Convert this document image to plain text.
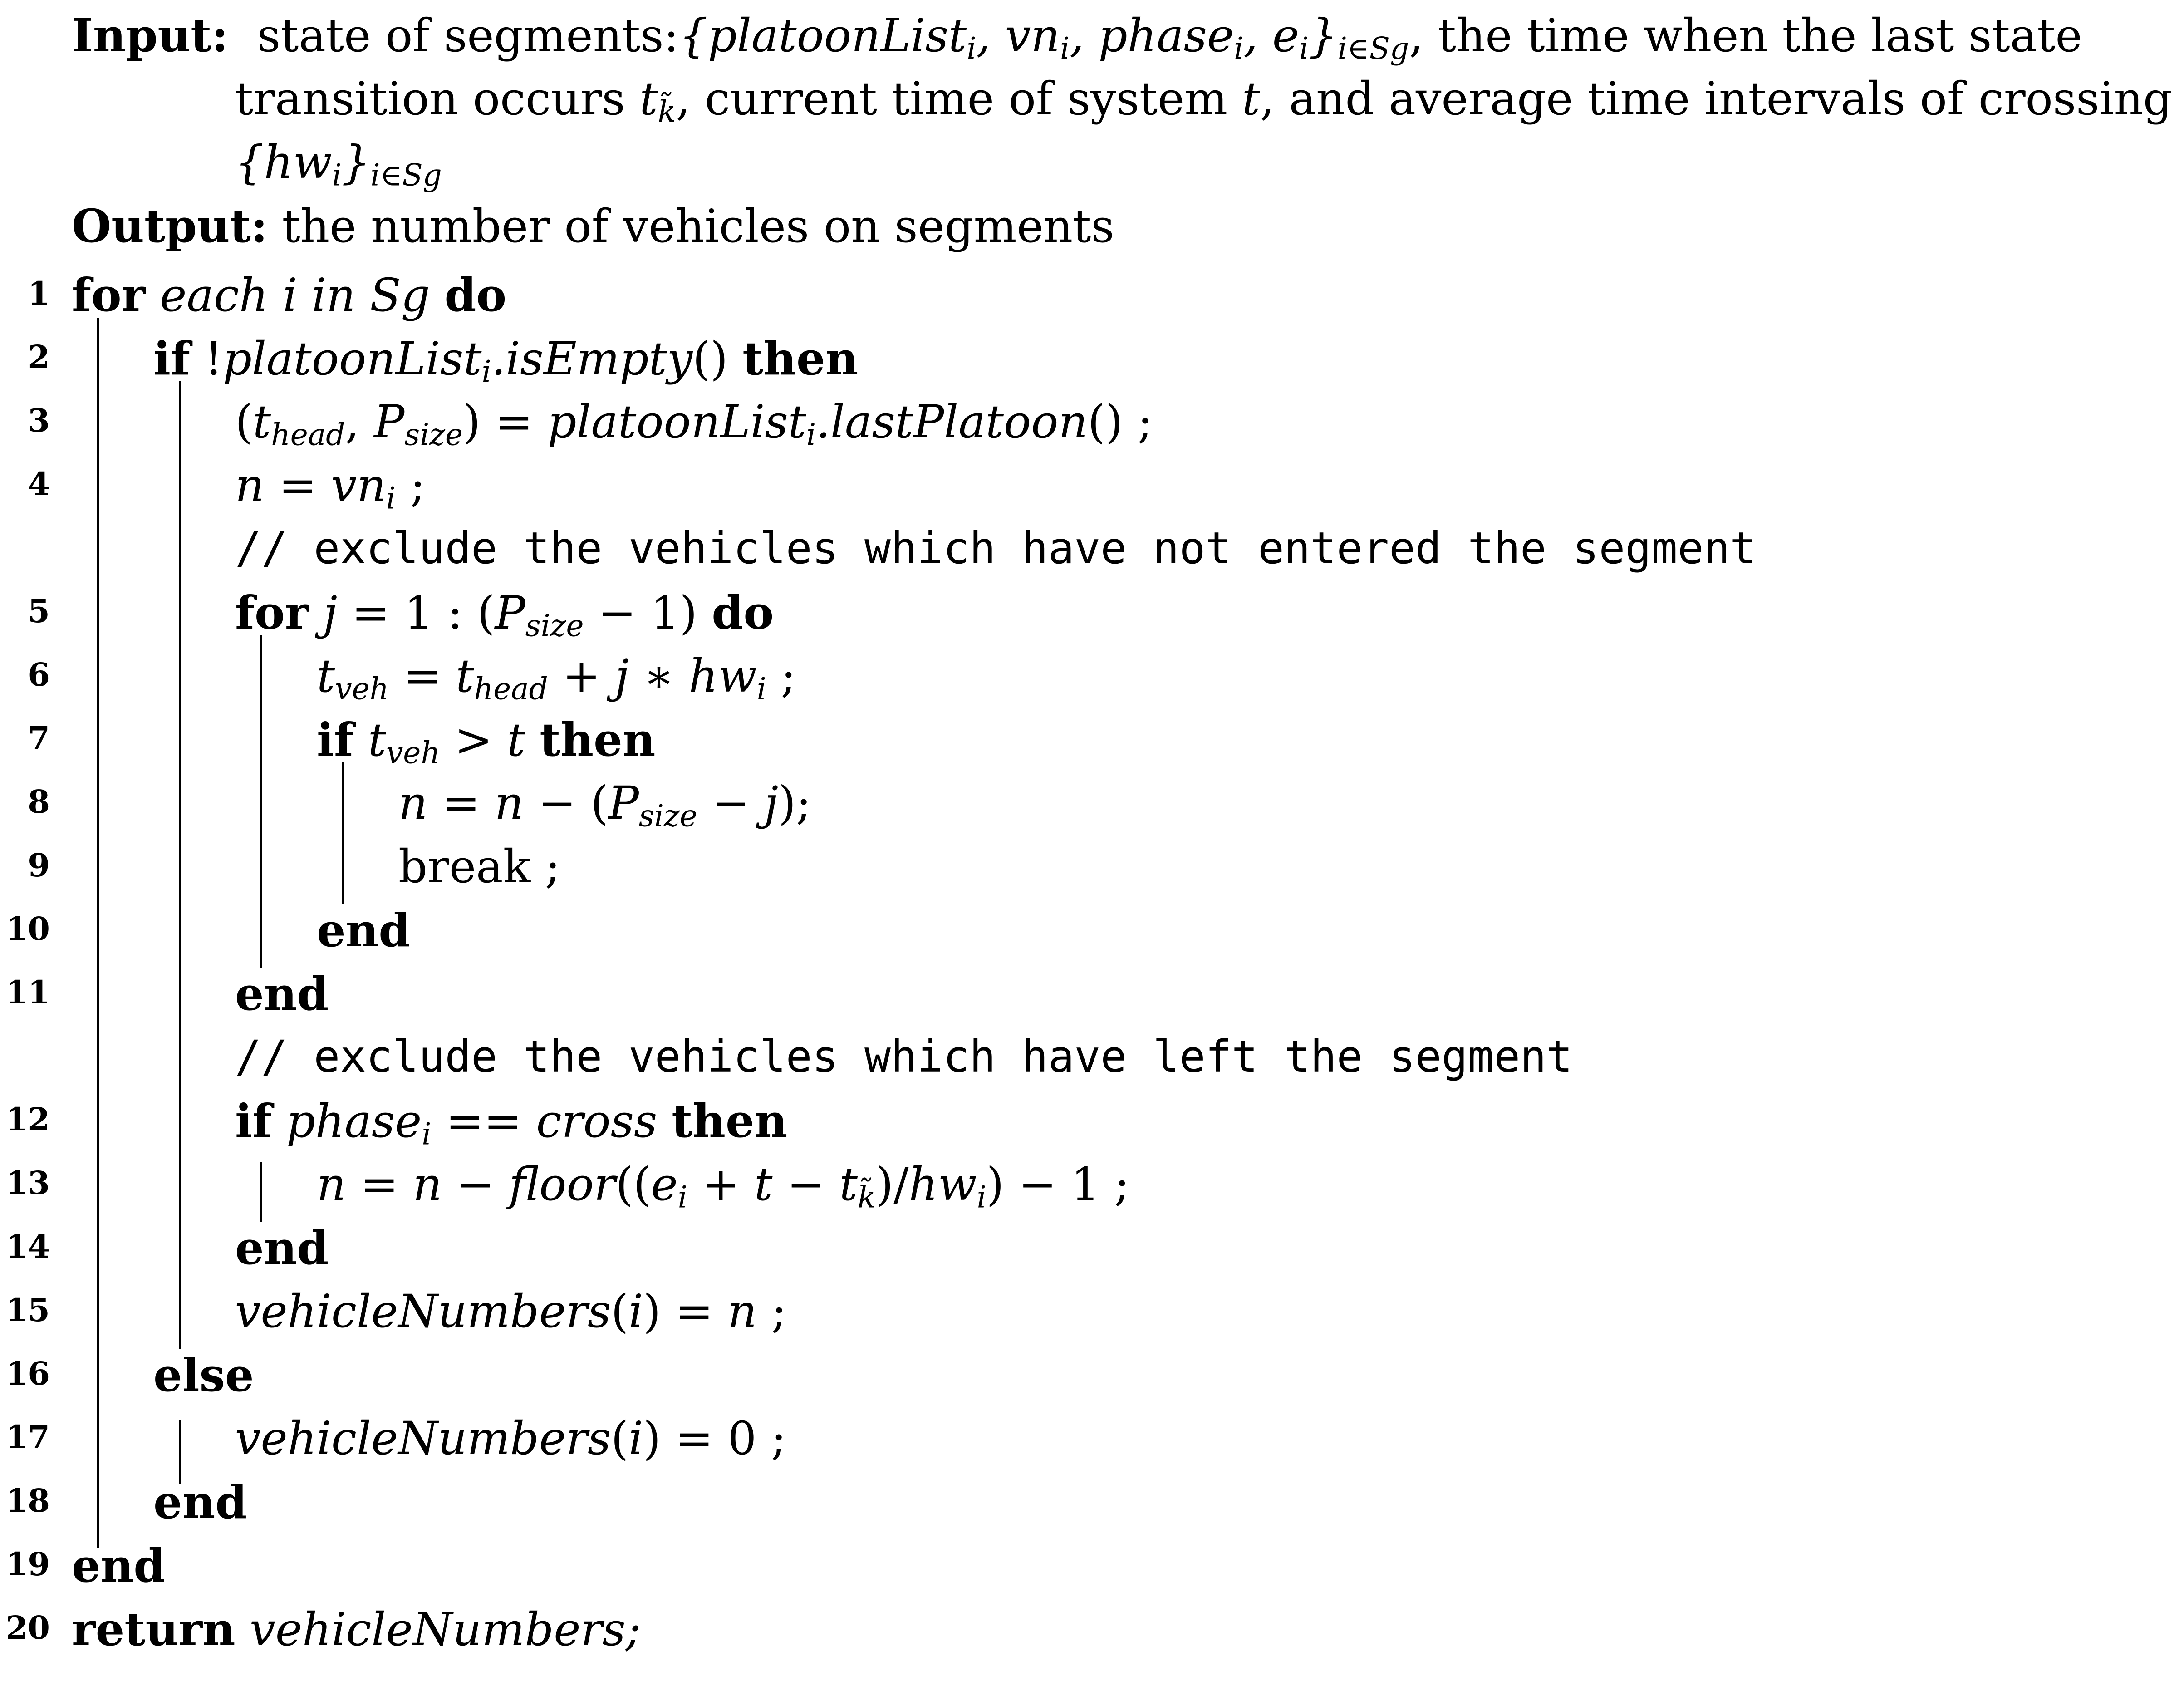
Input: state of segments:{platoonList$_i$, $vn_i$, phase$_i$, $e_i\}_{i\in Sg}$, the time when the last state
transition occurs $t_{k̃}$, current time of system t, and average time intervals of crossing
$\{hw_i\}_{i\in Sg}$
Output: the number of vehicles on segments
1
2
3
4
5
6
7
8
9
10
11
12
13
14
15
16
17
18
19
20
for each i in Sg do
if !platoonList$_i$.isEmpty() then
($t_{head}$, $P_{size}$) = platoonList$_i$.lastPlatoon() ;
$n = vn_i$ ;
// exclude the vehicles which have not entered the segment
for j = 1 : $(P_{size} - 1)$ do
$t_{veh} = t_{head} + j$ ∗ $hw_i$ ;
if $t_{veh} > t$ then
$n = n - (P_{size} - j)$;
break ;
end
end
// exclude the vehicles which have left the segment
if phase$_i$ == cross then
$n = n - floor((e_i + t - t_{k̃})/hw_i) - 1$ ;
end
vehicleNumbers(i) = n ;
else
vehicleNumbers(i) = 0 ;
end
end
return vehicleNumbers;
